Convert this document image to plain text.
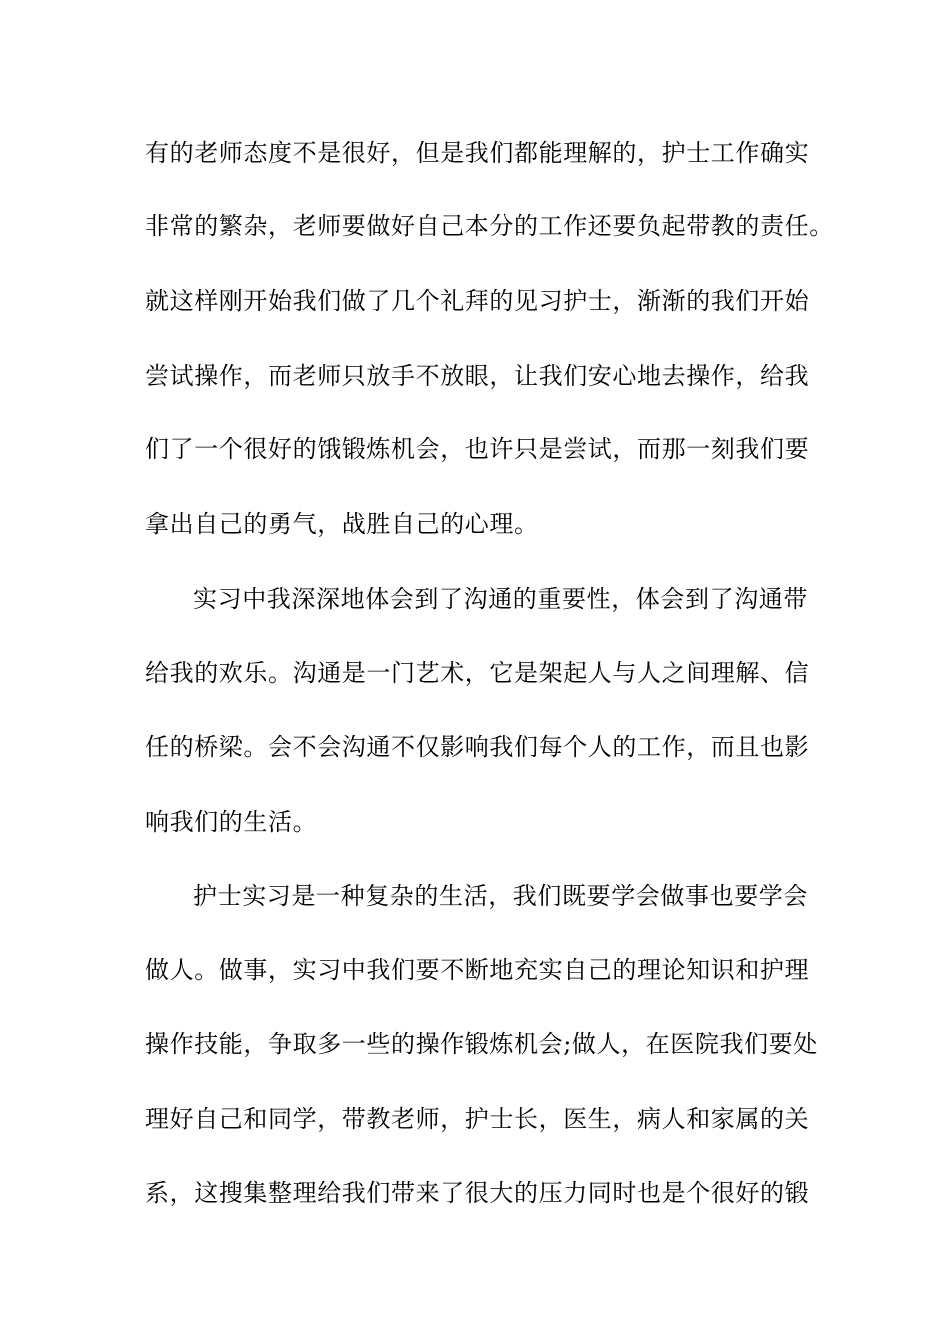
有的老师态度不是很好，但是我们都能理解的，护士工作确实
非常的繁杂，老师要做好自己本分的工作还要负起带教的责任。
就这样刚开始我们做了几个礼拜的见习护士，渐渐的我们开始
尝试操作，而老师只放手不放眼，让我们安心地去操作，给我
们了一个很好的饿锻炼机会，也许只是尝试，而那一刻我们要
拿出自己的勇气，战胜自己的心理。
实习中我深深地体会到了沟通的重要性，体会到了沟通带
给我的欢乐。沟通是一门艺术，它是架起人与人之间理解、信
任的桥梁。会不会沟通不仅影响我们每个人的工作，而且也影
响我们的生活。
护士实习是一种复杂的生活，我们既要学会做事也要学会
做人。做事，实习中我们要不断地充实自己的理论知识和护理
操作技能，争取多一些的操作锻炼机会;做人，在医院我们要处
理好自己和同学，带教老师，护士长，医生，病人和家属的关
系，这搜集整理给我们带来了很大的压力同时也是个很好的锻
